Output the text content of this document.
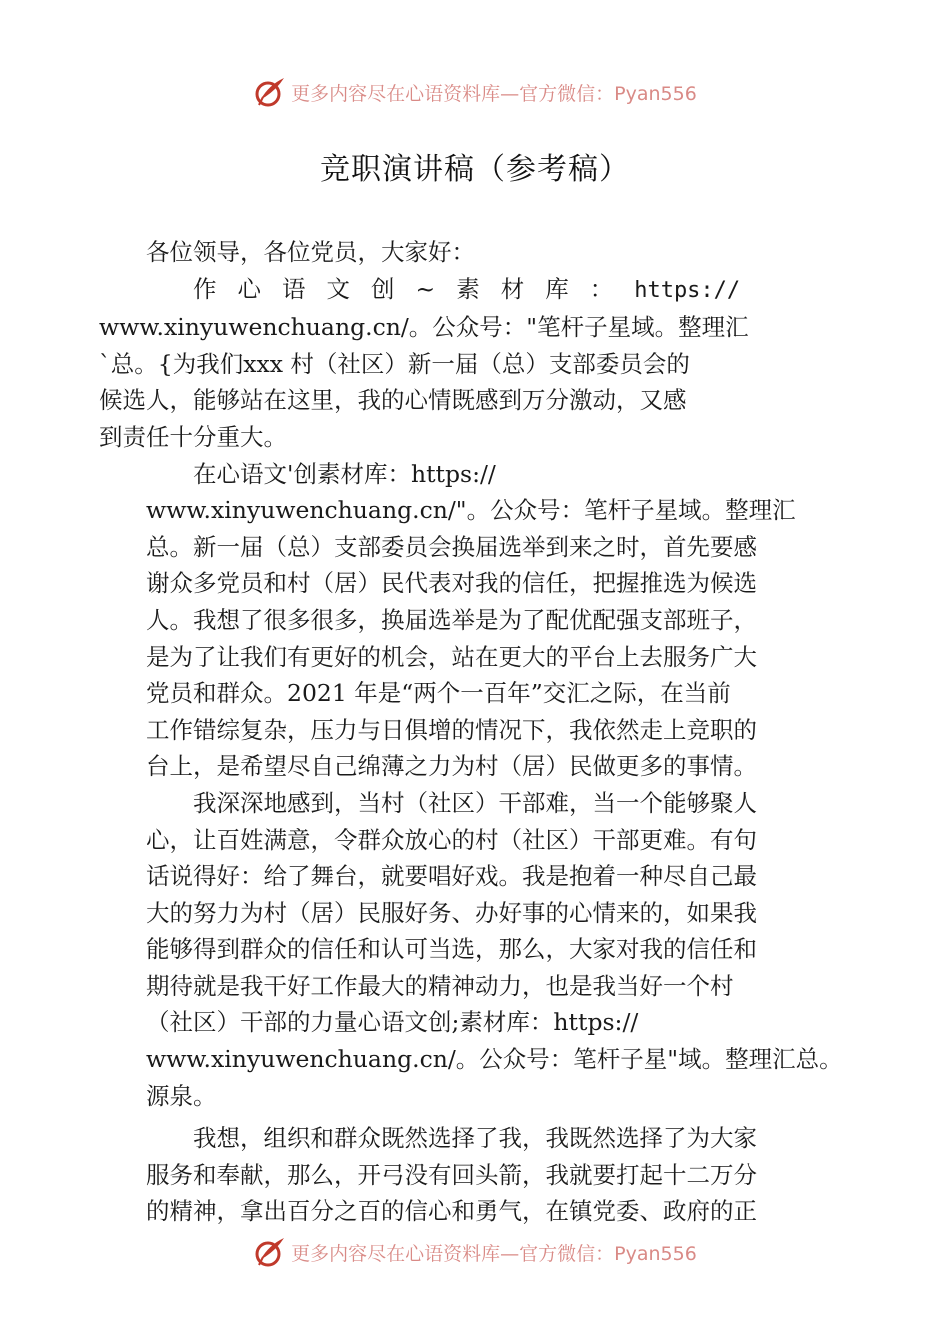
更多内容尽在心语资料库—官方微信：Pyan556
竞职演讲稿（参考稿）

各位领导，各位党员，大家好：

作心语文创~素材库：https://
www.xinyuwenchuang.cn/。公众号："笔杆子星域。整理汇
`总。{为我们xxx 村（社区）新一届（总）支部委员会的
候选人，能够站在这里，我的心情既感到万分激动，又感
到责任十分重大。

在心语文'创素材库：https://
www.xinyuwenchuang.cn/"。公众号：笔杆子星域。整理汇
总。新一届（总）支部委员会换届选举到来之时，首先要感
谢众多党员和村（居）民代表对我的信任，把握推选为候选
人。我想了很多很多，换届选举是为了配优配强支部班子，
是为了让我们有更好的机会，站在更大的平台上去服务广大
党员和群众。2021 年是“两个一百年”交汇之际，在当前
工作错综复杂，压力与日俱增的情况下，我依然走上竞职的
台上，是希望尽自己绵薄之力为村（居）民做更多的事情。

我深深地感到，当村（社区）干部难，当一个能够聚人
心，让百姓满意，令群众放心的村（社区）干部更难。有句
话说得好：给了舞台，就要唱好戏。我是抱着一种尽自己最
大的努力为村（居）民服好务、办好事的心情来的，如果我
能够得到群众的信任和认可当选，那么，大家对我的信任和
期待就是我干好工作最大的精神动力，也是我当好一个村
（社区）干部的力量心语文创;素材库：https://
www.xinyuwenchuang.cn/。公众号：笔杆子星"域。整理汇总。
源泉。

我想，组织和群众既然选择了我，我既然选择了为大家
服务和奉献，那么，开弓没有回头箭，我就要打起十二万分
的精神，拿出百分之百的信心和勇气，在镇党委、政府的正

更多内容尽在心语资料库—官方微信：Pyan556
